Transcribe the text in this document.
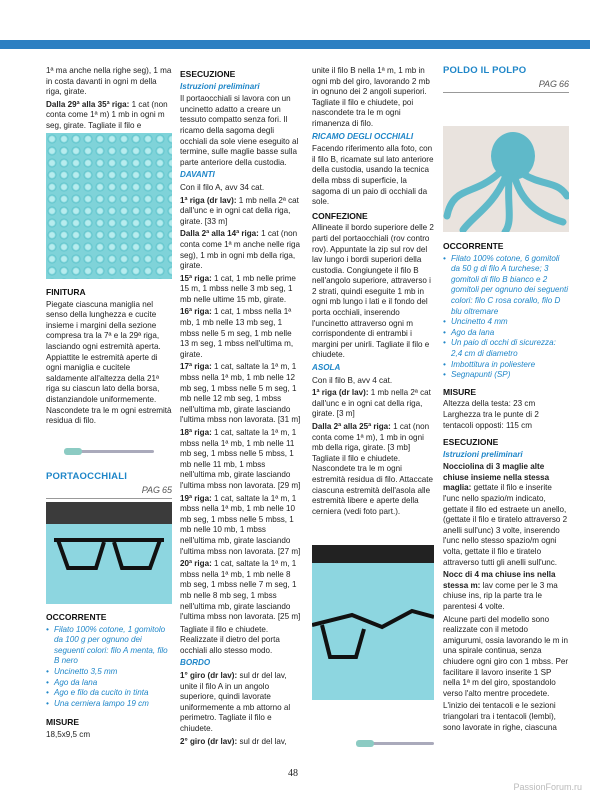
1ª ma anche nella righe seg), 1 ma in costa davanti in ogni m della riga, girate.

Dalla 29ª alla 35ª riga: 1 cat (non conta come 1ª m) 1 mb in ogni m seg, girate. Tagliate il filo e

FINITURA

Piegate ciascuna maniglia nel senso della lunghezza e cucite insieme i margini della sezione compresa tra la 7ª e la 29ª riga, lasciando ogni estremità aperta. Appiattite le estremità aperte di ogni maniglia e cucitele saldamente all'altezza della 21ª riga su ciascun lato della borsa, distanziandole uniformemente. Nascondete tra le m ogni estremità residua di filo.

PORTAOCCHIALI

PAG 65

OCCORRENTE

• Filato 100% cotone, 1 gomitolo da 100 g per ognuno dei seguenti colori: filo A menta, filo B nero
• Uncinetto 3,5 mm
• Ago da lana
• Ago e filo da cucito in tinta
• Una cerniera lampo 19 cm

MISURE

18,5x9,5 cm

ESECUZIONE

Istruzioni preliminari

Il portaocchiali si lavora con un uncinetto adatto a creare un tessuto compatto senza fori. Il ricamo della sagoma degli occhiali da sole viene eseguito al termine, sulle maglie basse sulla parte anteriore della custodia.

DAVANTI

Con il filo A, avv 34 cat.

1ª riga (dr lav): 1 mb nella 2ª cat dall'unc e in ogni cat della riga, girate. [33 m]

Dalla 2ª alla 14ª riga: 1 cat (non conta come 1ª m anche nelle riga seg), 1 mb in ogni mb della riga, girate.

15ª riga: 1 cat, 1 mb nelle prime 15 m, 1 mbss nelle 3 mb seg, 1 mb nelle ultime 15 mb, girate.

16ª riga: 1 cat, 1 mbss nella 1ª mb, 1 mb nelle 13 mb seg, 1 mbss nelle 5 m seg, 1 mb nelle 13 m seg, 1 mbss nell'ultima m, girate.

17ª riga: 1 cat, saltate la 1ª m, 1 mbss nella 1ª mb, 1 mb nelle 12 mb seg, 1 mbss nelle 5 m seg, 1 mb nelle 12 mb seg, 1 mbss nell'ultima mb, girate lasciando l'ultima mbss non lavorata. [31 m]

18ª riga: 1 cat, saltate la 1ª m, 1 mbss nella 1ª mb, 1 mb nelle 11 mb seg, 1 mbss nelle 5 mbss, 1 mb nelle 11 mb, 1 mbss nell'ultima mb, girate lasciando l'ultima mbss non lavorata. [29 m]

19ª riga: 1 cat, saltate la 1ª m, 1 mbss nella 1ª mb, 1 mb nelle 10 mb seg, 1 mbss nelle 5 mbss, 1 mb nelle 10 mb, 1 mbss nell'ultima mb, girate lasciando l'ultima mbss non lavorata. [27 m]

20ª riga: 1 cat, saltate la 1ª m, 1 mbss nella 1ª mb, 1 mb nelle 8 mb seg, 1 mbss nelle 7 m seg, 1 mb nelle 8 mb seg, 1 mbss nell'ultima mb, girate lasciando l'ultima mbss non lavorata. [25 m]

Tagliate il filo e chiudete. Realizzate il dietro del porta occhiali allo stesso modo.

BORDO

1° giro (dr lav): sul dr del lav, unite il filo A in un angolo superiore, quindi lavorate uniformemente a mb attorno al perimetro. Tagliate il filo e chiudete.

2° giro (dr lav): sul dr del lav,

unite il filo B nella 1ª m, 1 mb in ogni mb del giro, lavorando 2 mb in ognuno dei 2 angoli superiori. Tagliate il filo e chiudete, poi nascondete tra le m ogni rimanenza di filo.

RICAMO DEGLI OCCHIALI

Facendo riferimento alla foto, con il filo B, ricamate sul lato anteriore della custodia, usando la tecnica della mbss di superficie, la sagoma di un paio di occhiali da sole.

CONFEZIONE

Allineate il bordo superiore delle 2 parti del portaocchiali (rov contro rov). Appuntate la zip sul rov del lav lungo i bordi superiori della custodia. Congiungete il filo B nell'angolo superiore, attraverso i 2 strati, quindi eseguite 1 mb in ogni mb lungo i lati e il fondo del porta occhiali, inserendo l'uncinetto attraverso ogni m corrispondente di entrambi i margini per unirli. Tagliate il filo e chiudete.

ASOLA

Con il filo B, avv 4 cat.

1ª riga (dr lav): 1 mb nella 2ª cat dall'unc e in ogni cat della riga, girate. [3 m]

Dalla 2ª alla 25ª riga: 1 cat (non conta come 1ª m), 1 mb in ogni mb della riga, girate. [3 mb] Tagliate il filo e chiudete. Nascondete tra le m ogni estremità residua di filo. Attaccate ciascuna estremità dell'asola alle estremità libere e aperte della cerniera (vedi foto part.).

POLDO IL POLPO

PAG 66

OCCORRENTE

• Filato 100% cotone, 6 gomitoli da 50 g di filo A turchese; 3 gomitoli di filo B bianco e 2 gomitoli per ognuno dei seguenti colori: filo C rosa corallo, filo D blu oltremare
• Uncinetto 4 mm
• Ago da lana
• Un paio di occhi di sicurezza: 2,4 cm di diametro
• Imbottitura in poliestere
• Segnapunti (SP)

MISURE

Altezza della testa: 23 cm Larghezza tra le punte di 2 tentacoli opposti: 115 cm

ESECUZIONE

Istruzioni preliminari

Nocciolina di 3 maglie alte chiuse insieme nella stessa maglia: gettate il filo e inserite l'unc nello spazio/m indicato, gettate il filo ed estraete un anello, (gettate il filo e tiratelo attraverso 2 anelli sull'unc) 3 volte, inserendo l'unc nello stesso spazio/m ogni volta, gettate il filo e tiratelo attraverso tutti gli anelli sull'unc.

Nocc di 4 ma chiuse ins nella stessa m: lav come per le 3 ma chiuse ins, rip la parte tra le parentesi 4 volte.

Alcune parti del modello sono realizzate con il metodo amigurumi, ossia lavorando le m in una spirale continua, senza chiudere ogni giro con 1 mbss. Per facilitare il lavoro inserite 1 SP nella 1ª m del giro, spostandolo verso l'alto mentre procedete.

L'inizio dei tentacoli e le sezioni triangolari tra i tentacoli (lembi), sono lavorate in righe, ciascuna

48
PassionForum.ru
